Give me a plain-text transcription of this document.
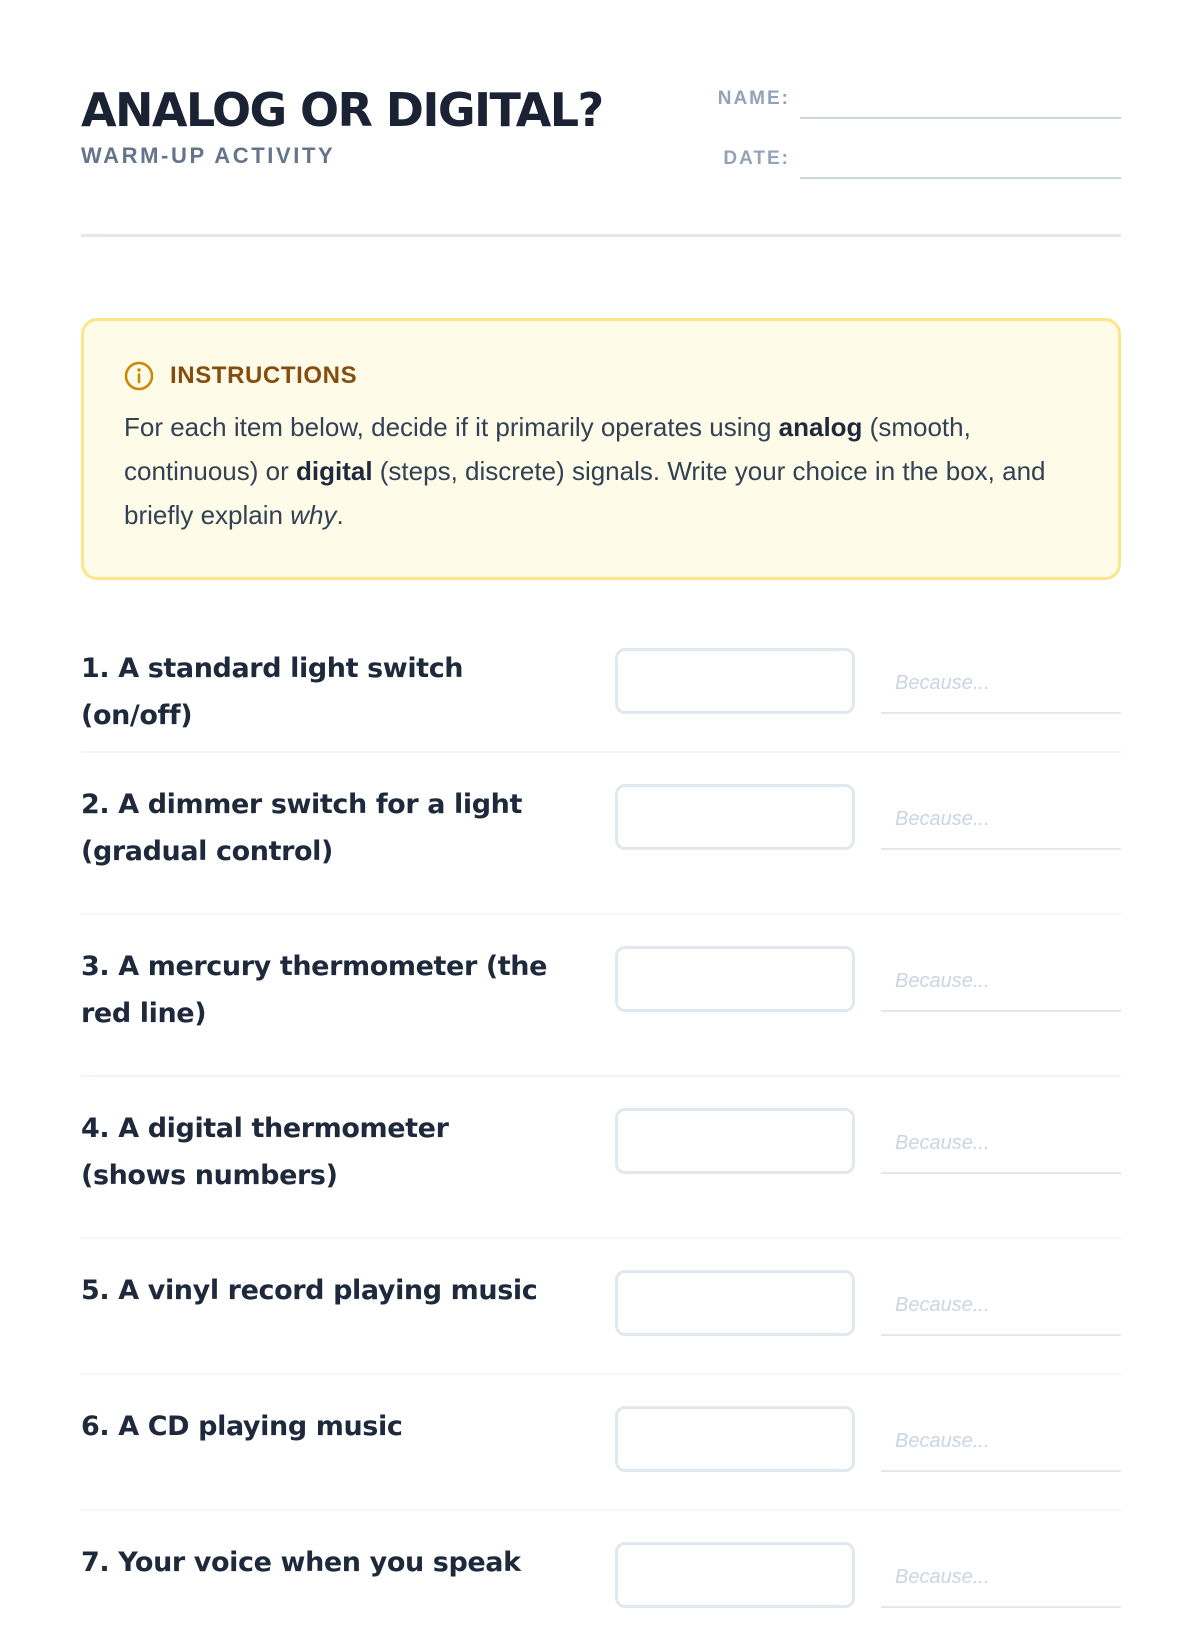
ANALOG OR DIGITAL?
WARM-UP ACTIVITY
NAME:
DATE:
INSTRUCTIONS
For each item below, decide if it primarily operates using analog (smooth, continuous) or digital (steps, discrete) signals. Write your choice in the box, and briefly explain why.

1. A standard light switch (on/off)

Because...

2. A dimmer switch for a light (gradual control)

Because...

3. A mercury thermometer (the red line)

Because...

4. A digital thermometer (shows numbers)

Because...

5. A vinyl record playing music	Because...

6. A CD playing music	Because...

7. Your voice when you speak	Because...
